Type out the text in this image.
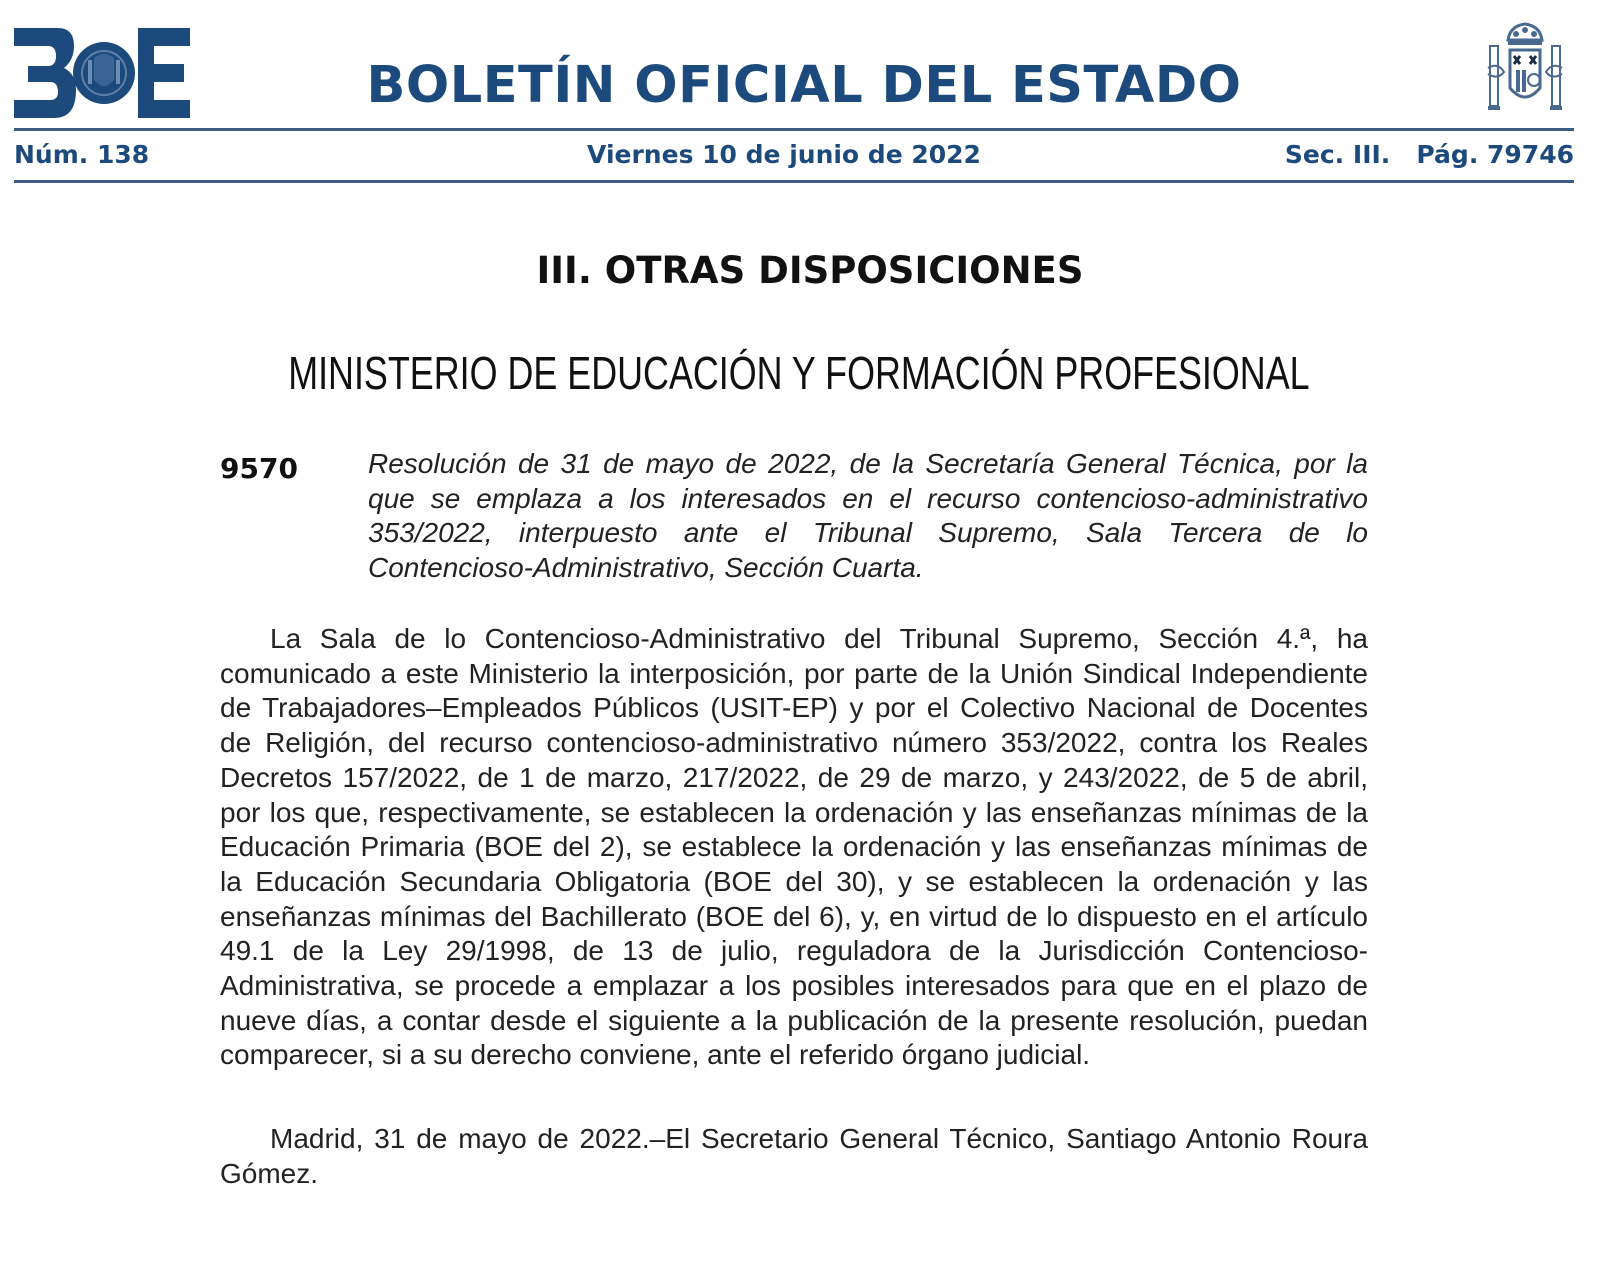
BOLETÍN OFICIAL DEL ESTADO
Núm. 138	Viernes 10 de junio de 2022	Sec. III.   Pág. 79746
III. OTRAS DISPOSICIONES
MINISTERIO DE EDUCACIÓN Y FORMACIÓN PROFESIONAL
9570	Resolución de 31 de mayo de 2022, de la Secretaría General Técnica, por la que se emplaza a los interesados en el recurso contencioso-administrativo 353/2022, interpuesto ante el Tribunal Supremo, Sala Tercera de lo Contencioso-Administrativo, Sección Cuarta.

La Sala de lo Contencioso-Administrativo del Tribunal Supremo, Sección 4.ª, ha comunicado a este Ministerio la interposición, por parte de la Unión Sindical Independiente de Trabajadores–Empleados Públicos (USIT-EP) y por el Colectivo Nacional de Docentes de Religión, del recurso contencioso-administrativo número 353/2022, contra los Reales Decretos 157/2022, de 1 de marzo, 217/2022, de 29 de marzo, y 243/2022, de 5 de abril, por los que, respectivamente, se establecen la ordenación y las enseñanzas mínimas de la Educación Primaria (BOE del 2), se establece la ordenación y las enseñanzas mínimas de la Educación Secundaria Obligatoria (BOE del 30), y se establecen la ordenación y las enseñanzas mínimas del Bachillerato (BOE del 6), y, en virtud de lo dispuesto en el artículo 49.1 de la Ley 29/1998, de 13 de julio, reguladora de la Jurisdicción Contencioso-Administrativa, se procede a emplazar a los posibles interesados para que en el plazo de nueve días, a contar desde el siguiente a la publicación de la presente resolución, puedan comparecer, si a su derecho conviene, ante el referido órgano judicial.

Madrid, 31 de mayo de 2022.–El Secretario General Técnico, Santiago Antonio Roura Gómez.
